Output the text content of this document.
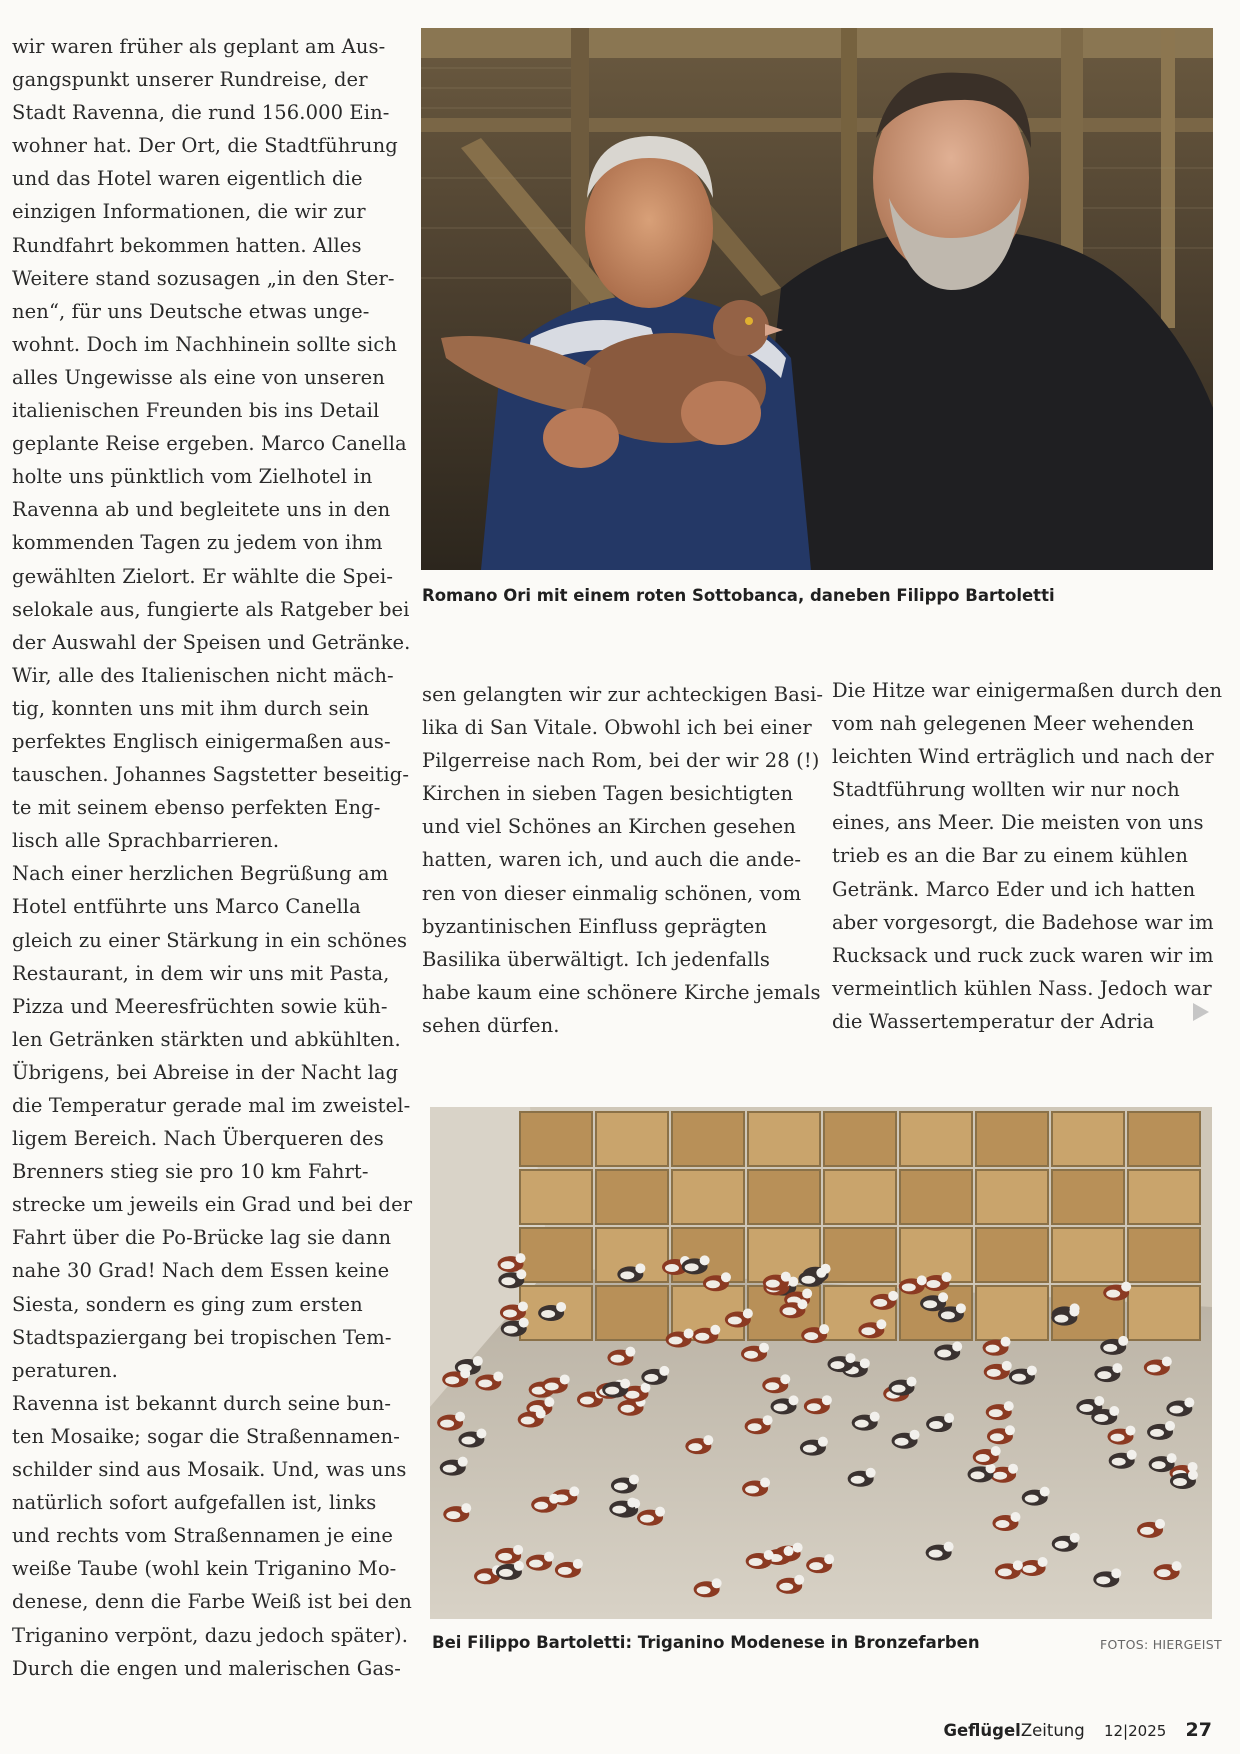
wir waren früher als geplant am Aus-

gangspunkt unserer Rundreise, der

Stadt Ravenna, die rund 156.000 Ein-

wohner hat. Der Ort, die Stadtführung

und das Hotel waren eigentlich die

einzigen Informationen, die wir zur

Rundfahrt bekommen hatten. Alles

Weitere stand sozusagen „in den Ster-

nen“, für uns Deutsche etwas unge-

wohnt. Doch im Nachhinein sollte sich

alles Ungewisse als eine von unseren

italienischen Freunden bis ins Detail

geplante Reise ergeben. Marco Canella

holte uns pünktlich vom Zielhotel in

Ravenna ab und begleitete uns in den

kommenden Tagen zu jedem von ihm

gewählten Zielort. Er wählte die Spei-

selokale aus, fungierte als Ratgeber bei

der Auswahl der Speisen und Getränke.

Wir, alle des Italienischen nicht mäch-

tig, konnten uns mit ihm durch sein

perfektes Englisch einigermaßen aus-

tauschen. Johannes Sagstetter beseitig-

te mit seinem ebenso perfekten Eng-

lisch alle Sprachbarrieren.

Nach einer herzlichen Begrüßung am

Hotel entführte uns Marco Canella

gleich zu einer Stärkung in ein schönes

Restaurant, in dem wir uns mit Pasta,

Pizza und Meeresfrüchten sowie küh-

len Getränken stärkten und abkühlten.

Übrigens, bei Abreise in der Nacht lag

die Temperatur gerade mal im zweistel-

ligem Bereich. Nach Überqueren des

Brenners stieg sie pro 10 km Fahrt-

strecke um jeweils ein Grad und bei der

Fahrt über die Po-Brücke lag sie dann

nahe 30 Grad! Nach dem Essen keine

Siesta, sondern es ging zum ersten

Stadtspaziergang bei tropischen Tem-

peraturen.

Ravenna ist bekannt durch seine bun-

ten Mosaike; sogar die Straßennamen-

schilder sind aus Mosaik. Und, was uns

natürlich sofort aufgefallen ist, links

und rechts vom Straßennamen je eine

weiße Taube (wohl kein Triganino Mo-

denese, denn die Farbe Weiß ist bei den

Triganino verpönt, dazu jedoch später).

Durch die engen und malerischen Gas-

sen gelangten wir zur achteckigen Basi-

lika di San Vitale. Obwohl ich bei einer

Pilgerreise nach Rom, bei der wir 28 (!)

Kirchen in sieben Tagen besichtigten

und viel Schönes an Kirchen gesehen

hatten, waren ich, und auch die ande-

ren von dieser einmalig schönen, vom

byzantinischen Einfluss geprägten

Basilika überwältigt. Ich jedenfalls

habe kaum eine schönere Kirche jemals

sehen dürfen.

Die Hitze war einigermaßen durch den

vom nah gelegenen Meer wehenden

leichten Wind erträglich und nach der

Stadtführung wollten wir nur noch

eines, ans Meer. Die meisten von uns

trieb es an die Bar zu einem kühlen

Getränk. Marco Eder und ich hatten

aber vorgesorgt, die Badehose war im

Rucksack und ruck zuck waren wir im

vermeintlich kühlen Nass. Jedoch war

die Wassertemperatur der Adria

Romano Ori mit einem roten Sottobanca, daneben Filippo Bartoletti
Bei Filippo Bartoletti: Triganino Modenese in Bronzefarben	FOTOS: HIERGEIST
GeflügelZeitung 12|2025 27
